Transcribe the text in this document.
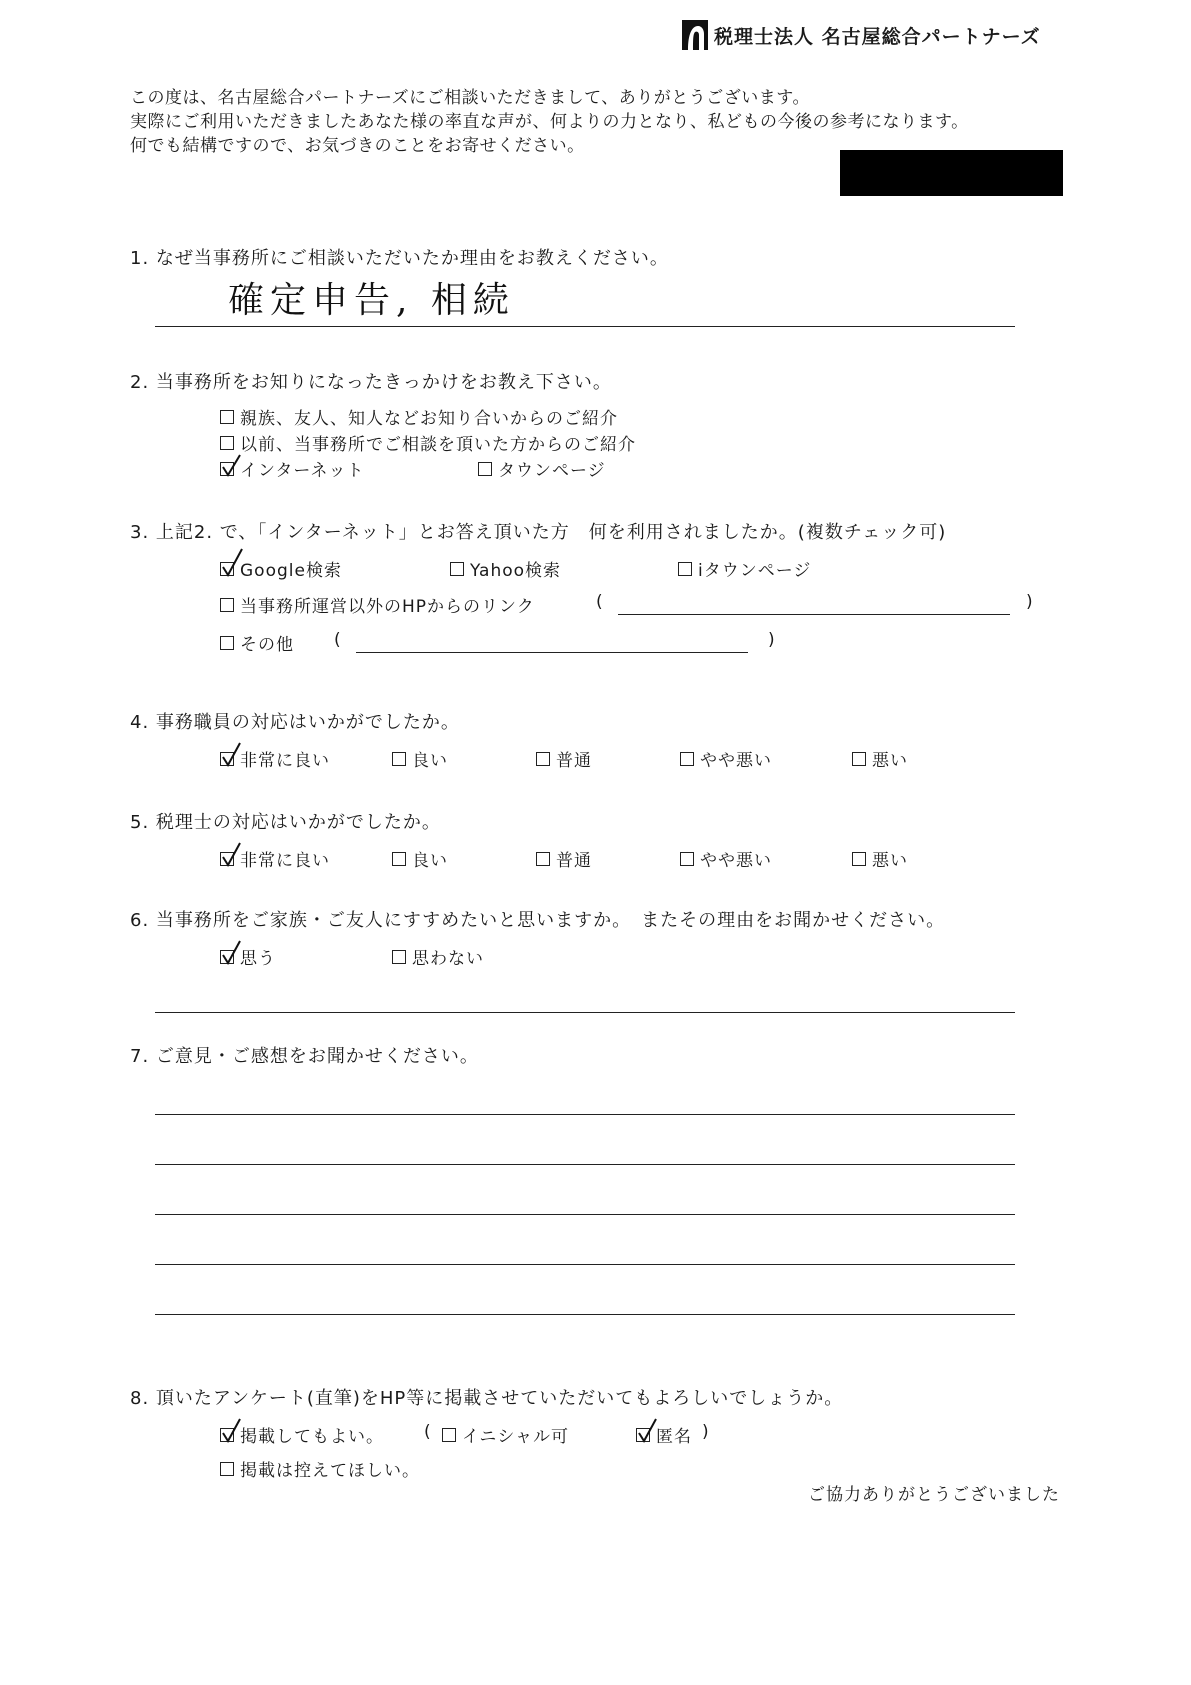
税理士法人 名古屋総合パートナーズ
この度は、名古屋総合パートナーズにご相談いただきまして、ありがとうございます。
実際にご利用いただきましたあなた様の率直な声が、何よりの力となり、私どもの今後の参考になります。
何でも結構ですので、お気づきのことをお寄せください。
1. なぜ当事務所にご相談いただいたか理由をお教えください。
確定申告, 相続
2. 当事務所をお知りになったきっかけをお教え下さい。
親族、友人、知人などお知り合いからのご紹介
以前、当事務所でご相談を頂いた方からのご紹介
インターネット	タウンページ
3. 上記2. で、「インターネット」とお答え頂いた方　何を利用されましたか。(複数チェック可)
Google検索	Yahoo検索	iタウンページ
当事務所運営以外のHPからのリンク	(	)
その他 (	)
4. 事務職員の対応はいかがでしたか。
非常に良い	良い	普通	やや悪い	悪い
5. 税理士の対応はいかがでしたか。
非常に良い	良い	普通	やや悪い	悪い
6. 当事務所をご家族・ご友人にすすめたいと思いますか。　またその理由をお聞かせください。
思う	思わない
7. ご意見・ご感想をお聞かせください。
8. 頂いたアンケート(直筆)をHP等に掲載させていただいてもよろしいでしょうか。
掲載してもよい。 ( イニシャル可	匿名 )
掲載は控えてほしい。
ご協力ありがとうございました
